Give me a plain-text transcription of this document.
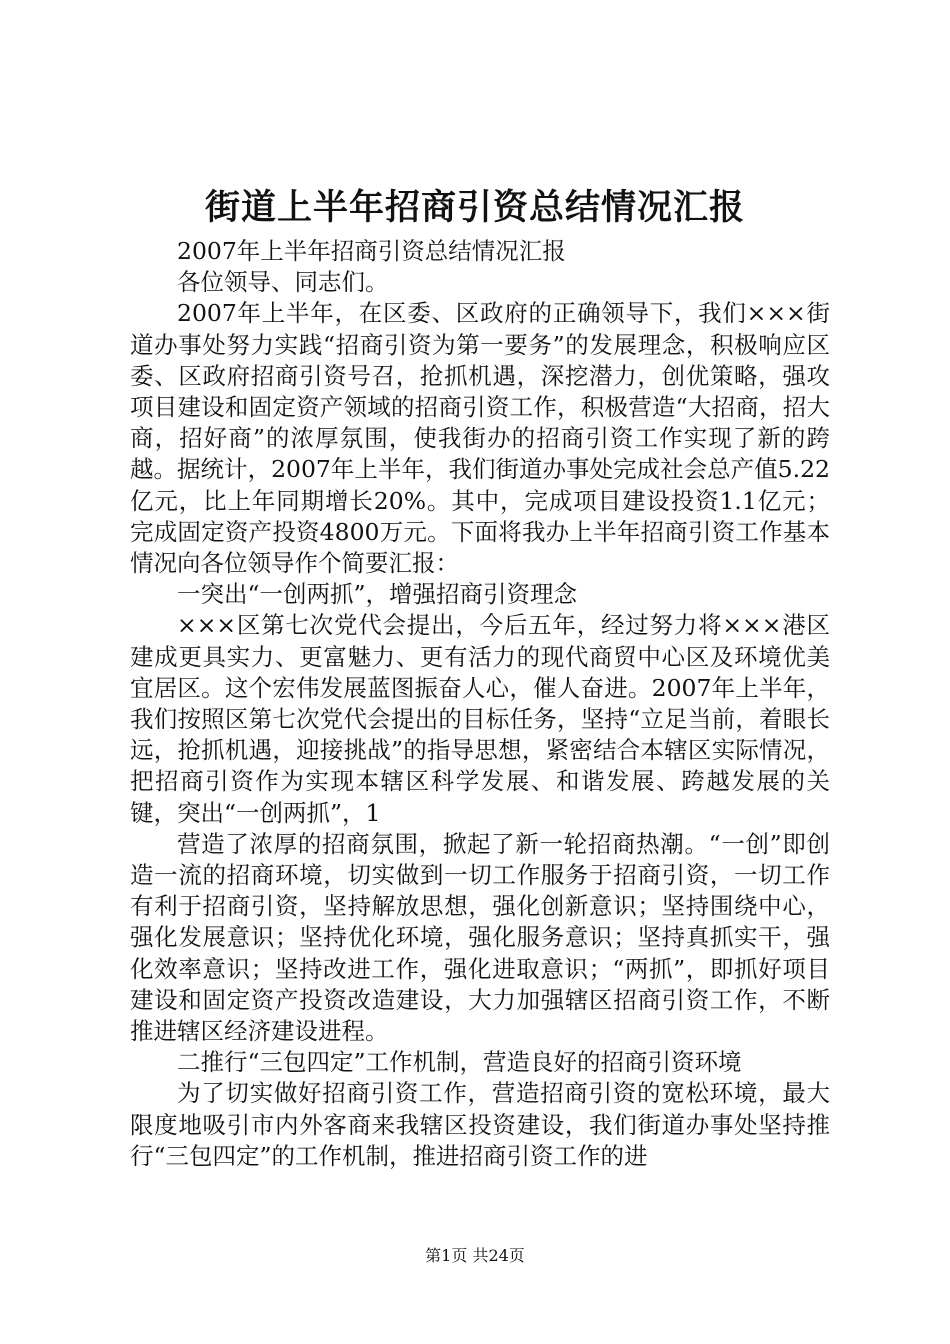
街道上半年招商引资总结情况汇报

2007年上半年招商引资总结情况汇报

各位领导、同志们。

2007年上半年，在区委、区政府的正确领导下，我们×××街道办事处努力实践“招商引资为第一要务”的发展理念，积极响应区委、区政府招商引资号召，抢抓机遇，深挖潜力，创优策略，强攻项目建设和固定资产领域的招商引资工作，积极营造“大招商，招大商，招好商”的浓厚氛围，使我街办的招商引资工作实现了新的跨越。据统计，2007年上半年，我们街道办事处完成社会总产值5.22亿元，比上年同期增长20%。其中，完成项目建设投资1.1亿元；完成固定资产投资4800万元。下面将我办上半年招商引资工作基本情况向各位领导作个简要汇报：

一突出“一创两抓”，增强招商引资理念

×××区第七次党代会提出，今后五年，经过努力将×××港区建成更具实力、更富魅力、更有活力的现代商贸中心区及环境优美宜居区。这个宏伟发展蓝图振奋人心，催人奋进。2007年上半年，我们按照区第七次党代会提出的目标任务，坚持“立足当前，着眼长远，抢抓机遇，迎接挑战”的指导思想，紧密结合本辖区实际情况，把招商引资作为实现本辖区科学发展、和谐发展、跨越发展的关键，突出“一创两抓”，1

营造了浓厚的招商氛围，掀起了新一轮招商热潮。“一创”即创造一流的招商环境，切实做到一切工作服务于招商引资，一切工作有利于招商引资，坚持解放思想，强化创新意识；坚持围绕中心，强化发展意识；坚持优化环境，强化服务意识；坚持真抓实干，强化效率意识；坚持改进工作，强化进取意识；“两抓”，即抓好项目建设和固定资产投资改造建设，大力加强辖区招商引资工作，不断推进辖区经济建设进程。

二推行“三包四定”工作机制，营造良好的招商引资环境

为了切实做好招商引资工作，营造招商引资的宽松环境，最大限度地吸引市内外客商来我辖区投资建设，我们街道办事处坚持推行“三包四定”的工作机制，推进招商引资工作的进

第1页 共24页
